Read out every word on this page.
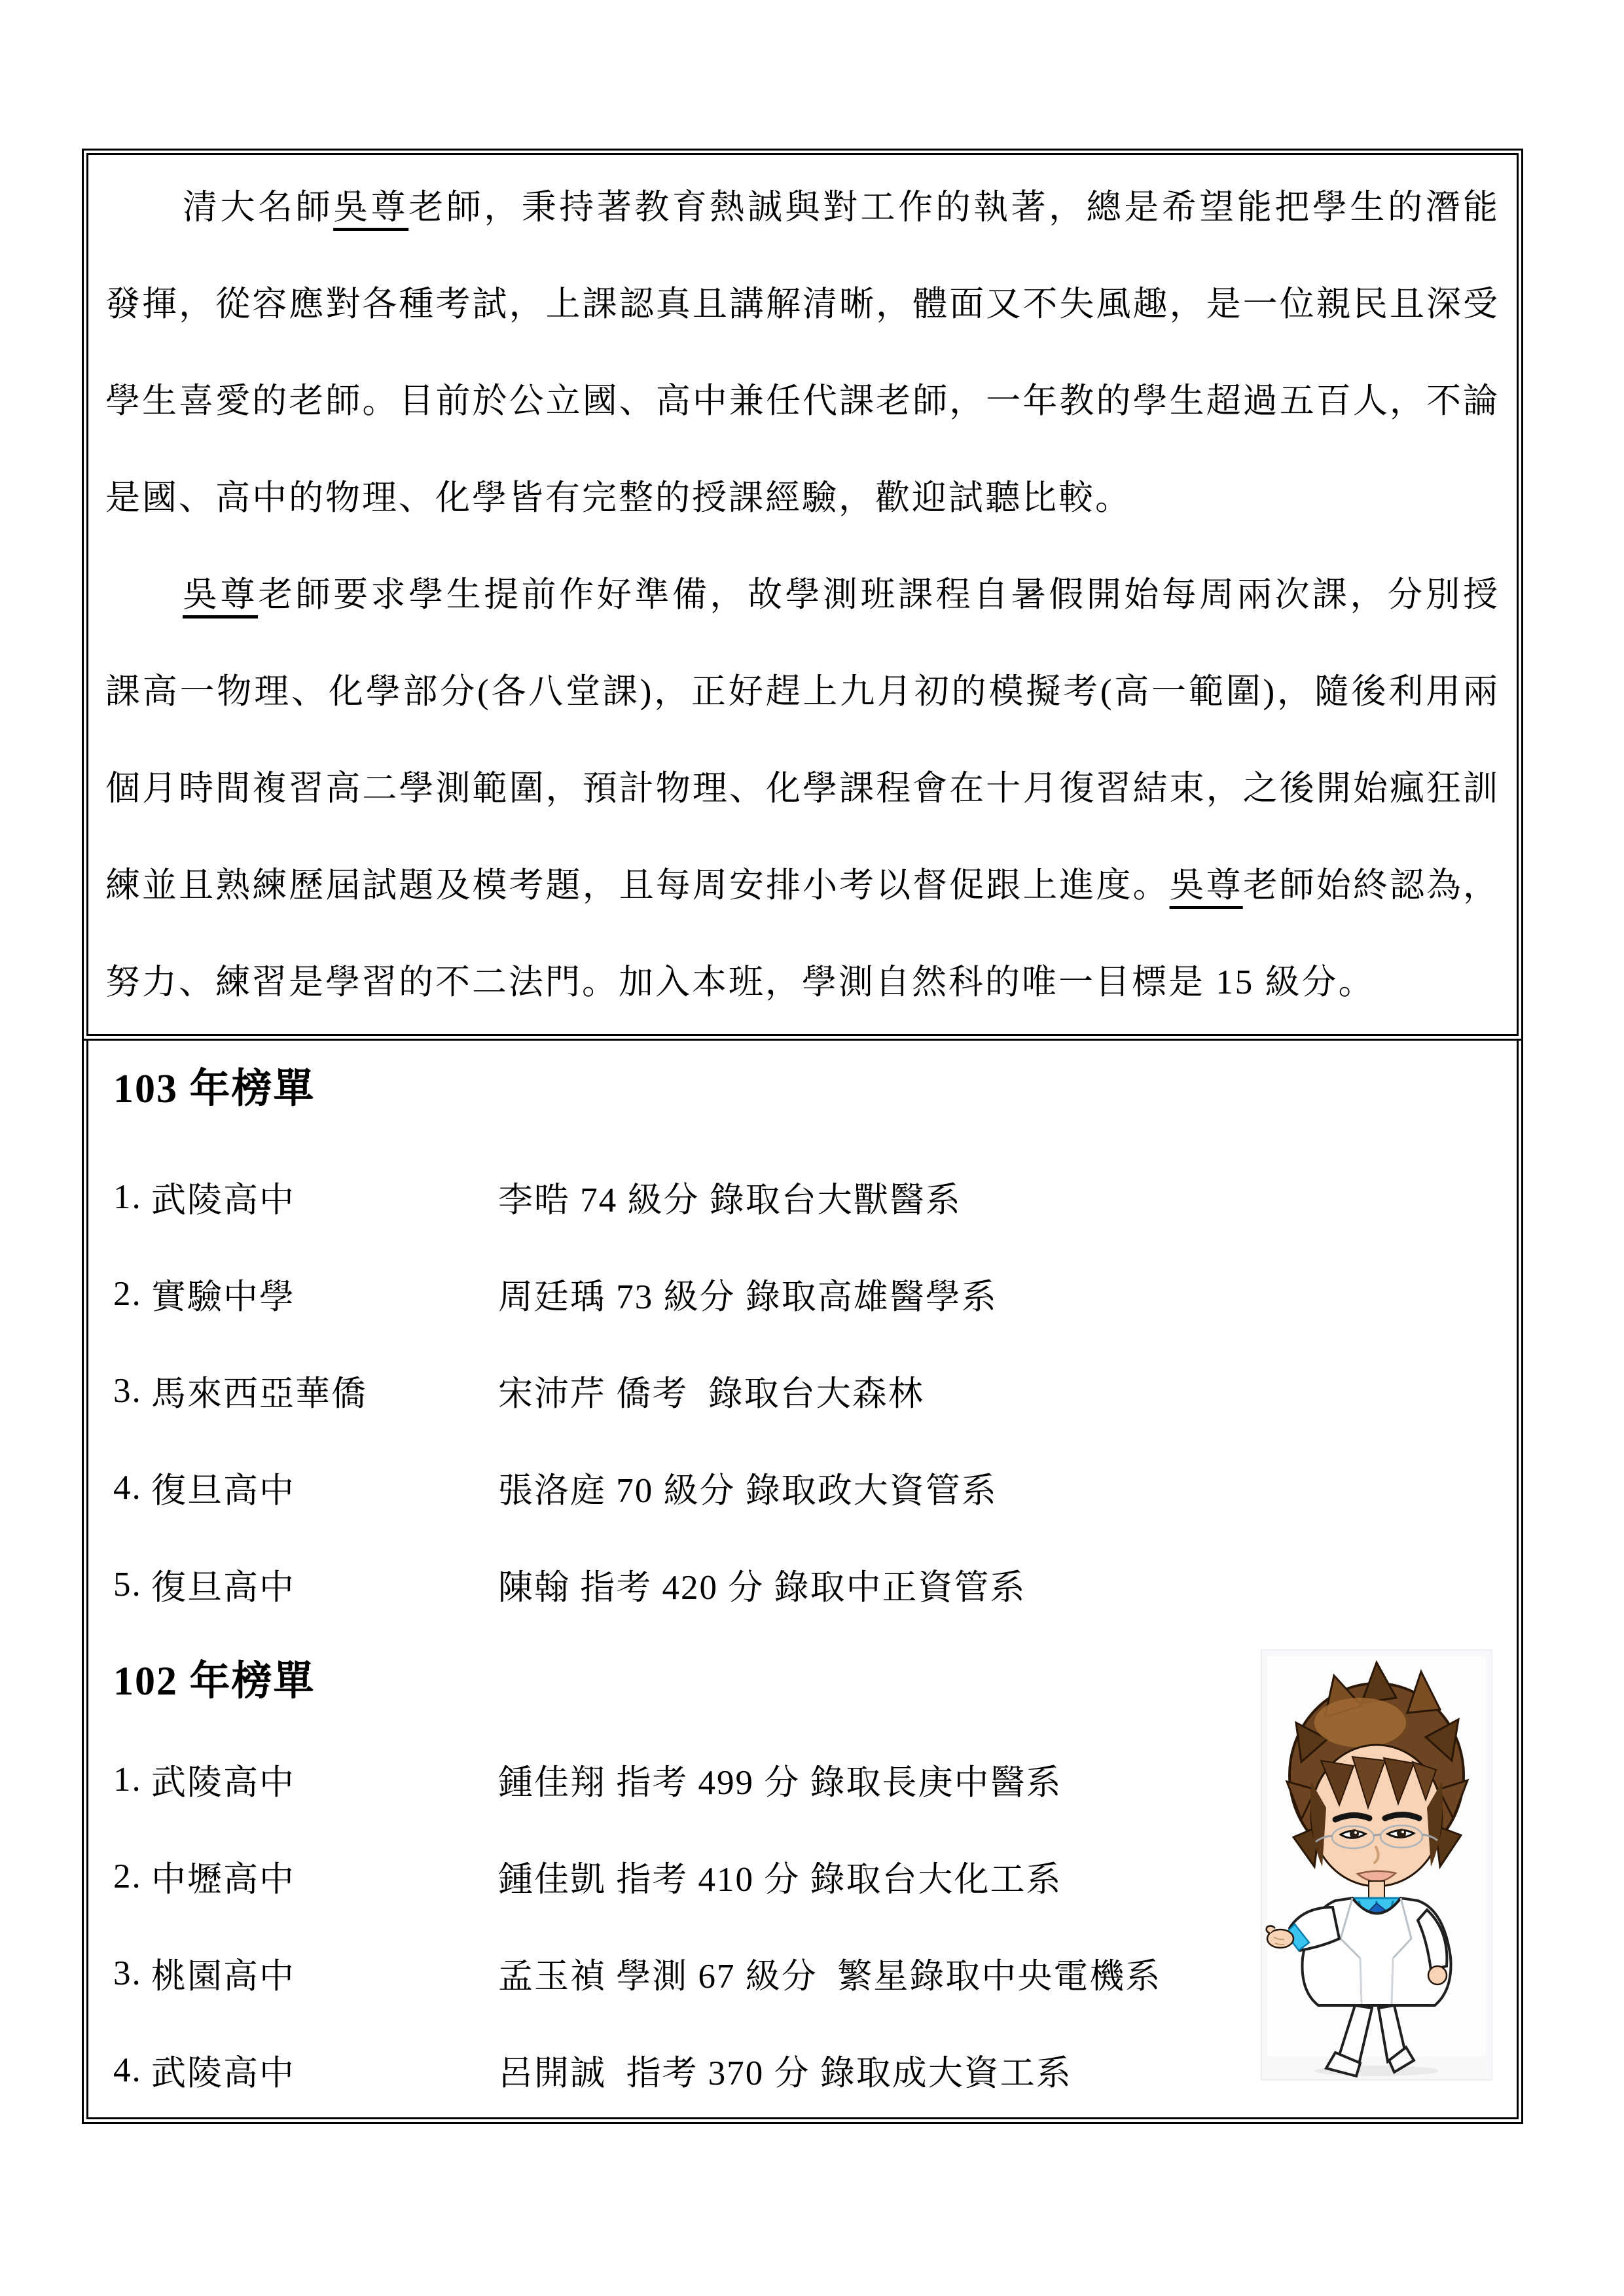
清大名師吳尊老師，秉持著教育熱誠與對工作的執著，總是希望能把學生的潛能發揮，從容應對各種考試，上課認真且講解清晰，體面又不失風趣，是一位親民且深受學生喜愛的老師。目前於公立國、高中兼任代課老師，一年教的學生超過五百人，不論是國、高中的物理、化學皆有完整的授課經驗，歡迎試聽比較。

吳尊老師要求學生提前作好準備，故學測班課程自暑假開始每周兩次課，分別授課高一物理、化學部分(各八堂課)，正好趕上九月初的模擬考(高一範圍)，隨後利用兩個月時間複習高二學測範圍，預計物理、化學課程會在十月復習結束，之後開始瘋狂訓練並且熟練歷屆試題及模考題，且每周安排小考以督促跟上進度。吳尊老師始終認為，努力、練習是學習的不二法門。加入本班，學測自然科的唯一目標是 15 級分。

103 年榜單
1. 武陵高中	李晧 74 級分 錄取台大獸醫系
2. 實驗中學	周廷瑀 73 級分 錄取高雄醫學系
3. 馬來西亞華僑	宋沛芹 僑考  錄取台大森林
4. 復旦高中	張洛庭 70 級分 錄取政大資管系
5. 復旦高中	陳翰 指考 420 分 錄取中正資管系
102 年榜單
1. 武陵高中	鍾佳翔 指考 499 分 錄取長庚中醫系
2. 中壢高中	鍾佳凱 指考 410 分 錄取台大化工系
3. 桃園高中	孟玉禎 學測 67 級分  繁星錄取中央電機系
4. 武陵高中	呂開誠  指考 370 分 錄取成大資工系
